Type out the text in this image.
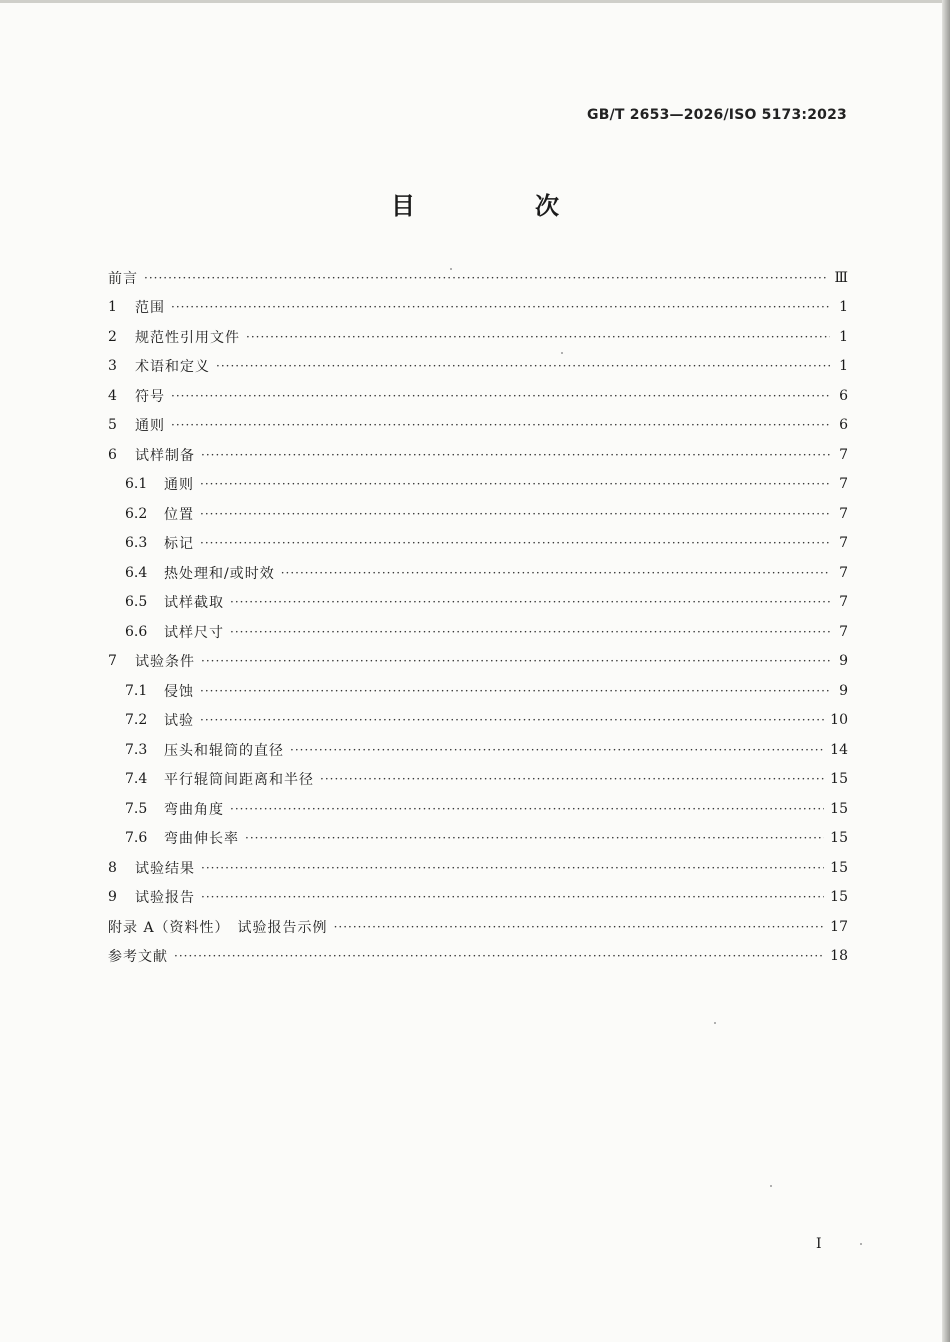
GB/T 2653—2026/ISO 5173:2023
目　次
前言 ·····	Ⅲ
1	范围 ·····	1
2	规范性引用文件 ·····	1
3	术语和定义 ·····	1
4	符号 ·····	6
5	通则 ·····	6
6	试样制备 ·····	7
6.1	通则 ·····	7
6.2	位置 ·····	7
6.3	标记 ·····	7
6.4	热处理和/或时效 ·····	7
6.5	试样截取 ·····	7
6.6	试样尺寸 ·····	7
7	试验条件 ·····	9
7.1	侵蚀 ·····	9
7.2	试验 ·····	10
7.3	压头和辊筒的直径 ·····	14
7.4	平行辊筒间距离和半径 ·····	15
7.5	弯曲角度 ·····	15
7.6	弯曲伸长率 ·····	15
8	试验结果 ·····	15
9	试验报告 ·····	15
附录 A（资料性）　试验报告示例 ·····	17
参考文献 ·····	18
I
